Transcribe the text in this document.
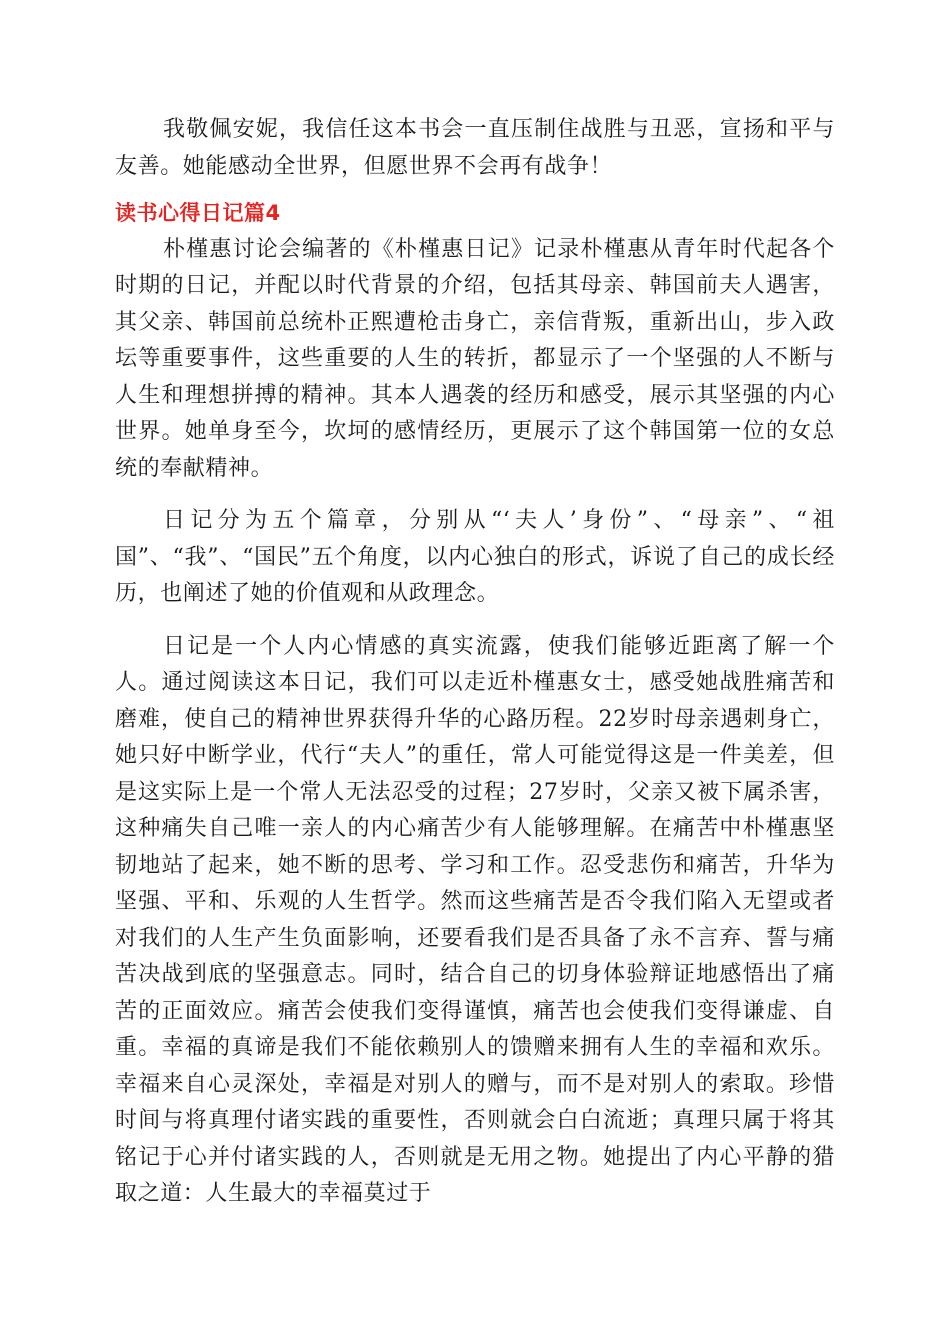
我敬佩安妮，我信任这本书会一直压制住战胜与丑恶，宣扬和平与友善。她能感动全世界，但愿世界不会再有战争！

读书心得日记篇4

朴槿惠讨论会编著的《朴槿惠日记》记录朴槿惠从青年时代起各个时期的日记，并配以时代背景的介绍，包括其母亲、韩国前夫人遇害，其父亲、韩国前总统朴正熙遭枪击身亡，亲信背叛，重新出山，步入政坛等重要事件，这些重要的人生的转折，都显示了一个坚强的人不断与人生和理想拼搏的精神。其本人遇袭的经历和感受，展示其坚强的内心世界。她单身至今，坎坷的感情经历，更展示了这个韩国第一位的女总统的奉献精神。

日记分为五个篇章，分别从“‘夫人’身份”、“母亲”、“祖国”、“我”、“国民”五个角度，以内心独白的形式，诉说了自己的成长经历，也阐述了她的价值观和从政理念。

日记是一个人内心情感的真实流露，使我们能够近距离了解一个人。通过阅读这本日记，我们可以走近朴槿惠女士，感受她战胜痛苦和磨难，使自己的精神世界获得升华的心路历程。22岁时母亲遇刺身亡，她只好中断学业，代行“夫人”的重任，常人可能觉得这是一件美差，但是这实际上是一个常人无法忍受的过程；27岁时，父亲又被下属杀害，这种痛失自己唯一亲人的内心痛苦少有人能够理解。在痛苦中朴槿惠坚韧地站了起来，她不断的思考、学习和工作。忍受悲伤和痛苦，升华为坚强、平和、乐观的人生哲学。然而这些痛苦是否令我们陷入无望或者对我们的人生产生负面影响，还要看我们是否具备了永不言弃、誓与痛苦决战到底的坚强意志。同时，结合自己的切身体验辩证地感悟出了痛苦的正面效应。痛苦会使我们变得谨慎，痛苦也会使我们变得谦虚、自重。幸福的真谛是我们不能依赖别人的馈赠来拥有人生的幸福和欢乐。幸福来自心灵深处，幸福是对别人的赠与，而不是对别人的索取。珍惜时间与将真理付诸实践的重要性，否则就会白白流逝；真理只属于将其铭记于心并付诸实践的人，否则就是无用之物。她提出了内心平静的猎取之道：人生最大的幸福莫过于
